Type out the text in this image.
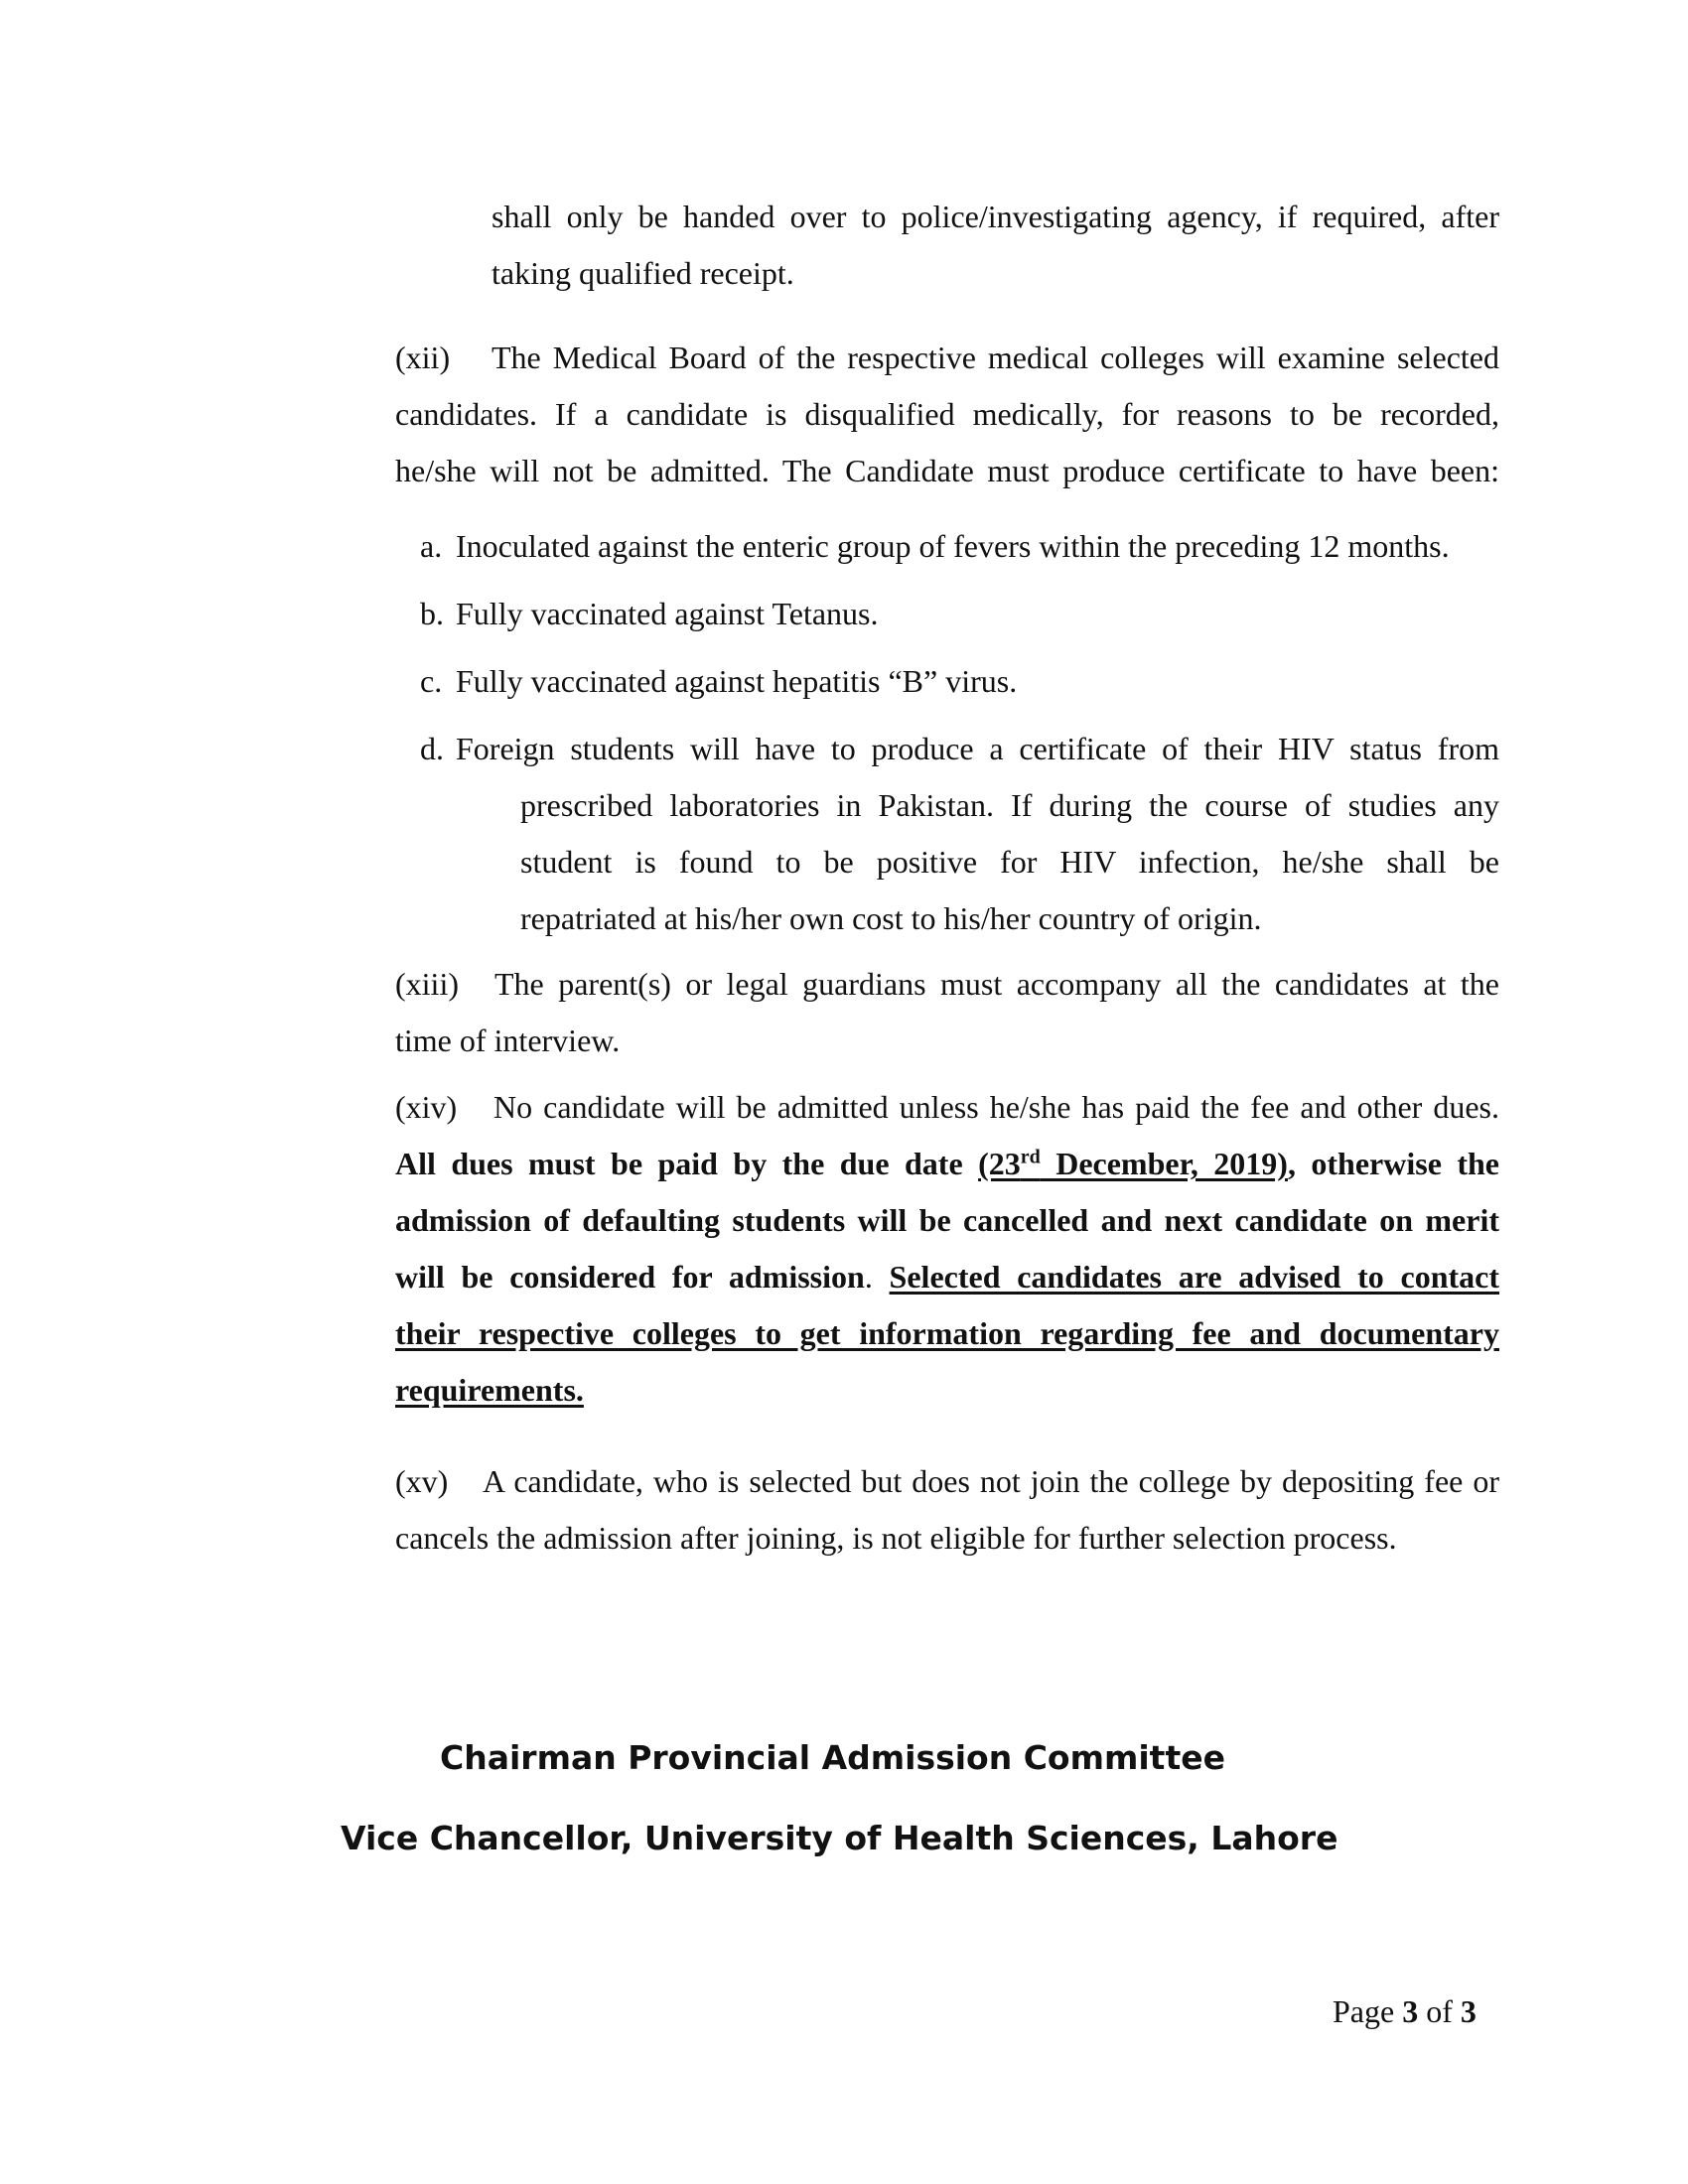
shall only be handed over to police/investigating agency, if required, after
taking qualified receipt.
(xii) The Medical Board of the respective medical colleges will examine selected
candidates. If a candidate is disqualified medically, for reasons to be recorded,
he/she will not be admitted. The Candidate must produce certificate to have been:
a. Inoculated against the enteric group of fevers within the preceding 12 months.
b. Fully vaccinated against Tetanus.
c. Fully vaccinated against hepatitis “B” virus.
d. Foreign students will have to produce a certificate of their HIV status from
prescribed laboratories in Pakistan. If during the course of studies any
student is found to be positive for HIV infection, he/she shall be
repatriated at his/her own cost to his/her country of origin.
(xiii) The parent(s) or legal guardians must accompany all the candidates at the
time of interview.
(xiv) No candidate will be admitted unless he/she has paid the fee and other dues.
All dues must be paid by the due date (23rd December, 2019), otherwise the
admission of defaulting students will be cancelled and next candidate on merit
will be considered for admission. Selected candidates are advised to contact
their respective colleges to get information regarding fee and documentary
requirements.
(xv) A candidate, who is selected but does not join the college by depositing fee or
cancels the admission after joining, is not eligible for further selection process.
Chairman Provincial Admission Committee
Vice Chancellor, University of Health Sciences, Lahore
Page 3 of 3
